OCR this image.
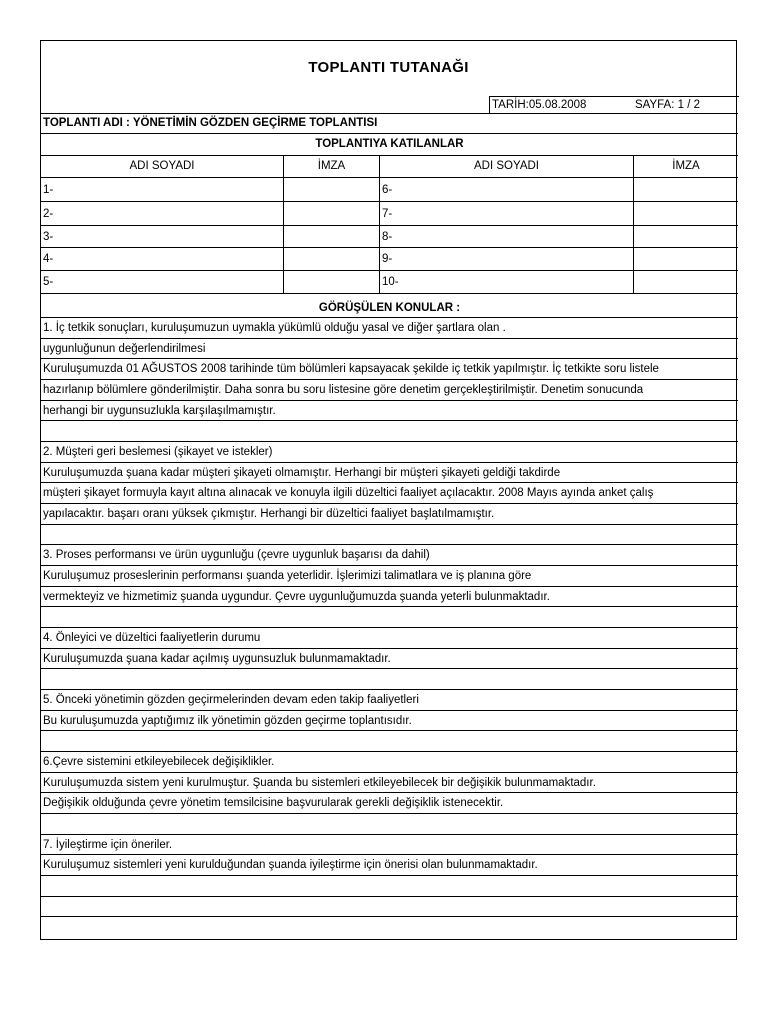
TOPLANTI TUTANAĞI
TARİH:05.08.2008	SAYFA: 1 / 2
TOPLANTI ADI : YÖNETİMİN GÖZDEN GEÇİRME TOPLANTISI
TOPLANTIYA KATILANLAR
ADI SOYADI	İMZA	ADI SOYADI	İMZA
1-	6-
2-	7-
3-	8-
4-	9-
5-	10-
GÖRÜŞÜLEN KONULAR :
1. İç tetkik sonuçları, kuruluşumuzun uymakla yükümlü olduğu yasal ve diğer şartlara olan .
uygunluğunun değerlendirilmesi
Kuruluşumuzda 01 AĞUSTOS 2008 tarihinde tüm bölümleri kapsayacak şekilde iç tetkik yapılmıştır. İç tetkikte soru listele
hazırlanıp bölümlere gönderilmiştir. Daha sonra bu soru listesine göre denetim gerçekleştirilmiştir. Denetim sonucunda
herhangi bir uygunsuzlukla karşılaşılmamıştır.
2. Müşteri geri beslemesi (şikayet ve istekler)
Kuruluşumuzda şuana kadar müşteri şikayeti olmamıştır. Herhangi bir müşteri şikayeti geldiği takdirde
müşteri şikayet formuyla kayıt altına alınacak ve konuyla ilgili düzeltici faaliyet açılacaktır. 2008 Mayıs ayında anket çalış
yapılacaktır. başarı oranı yüksek çıkmıştır. Herhangi bir düzeltici faaliyet başlatılmamıştır.
3. Proses performansı ve ürün uygunluğu (çevre uygunluk başarısı da dahil)
Kuruluşumuz proseslerinin performansı şuanda yeterlidir. İşlerimizi talimatlara ve iş planına göre
vermekteyiz ve hizmetimiz şuanda uygundur. Çevre uygunluğumuzda şuanda yeterli bulunmaktadır.
4. Önleyici ve düzeltici faaliyetlerin durumu
Kuruluşumuzda şuana kadar açılmış uygunsuzluk bulunmamaktadır.
5. Önceki yönetimin gözden geçirmelerinden devam eden takip faaliyetleri
Bu kuruluşumuzda yaptığımız ilk yönetimin gözden geçirme toplantısıdır.
6.Çevre sistemini etkileyebilecek değişiklikler.
Kuruluşumuzda sistem yeni kurulmuştur. Şuanda bu sistemleri etkileyebilecek bir değişikik bulunmamaktadır.
Değişikik olduğunda çevre yönetim temsilcisine başvurularak gerekli değişiklik istenecektir.
7. İyileştirme için öneriler.
Kuruluşumuz sistemleri yeni kurulduğundan şuanda iyileştirme için önerisi olan bulunmamaktadır.
